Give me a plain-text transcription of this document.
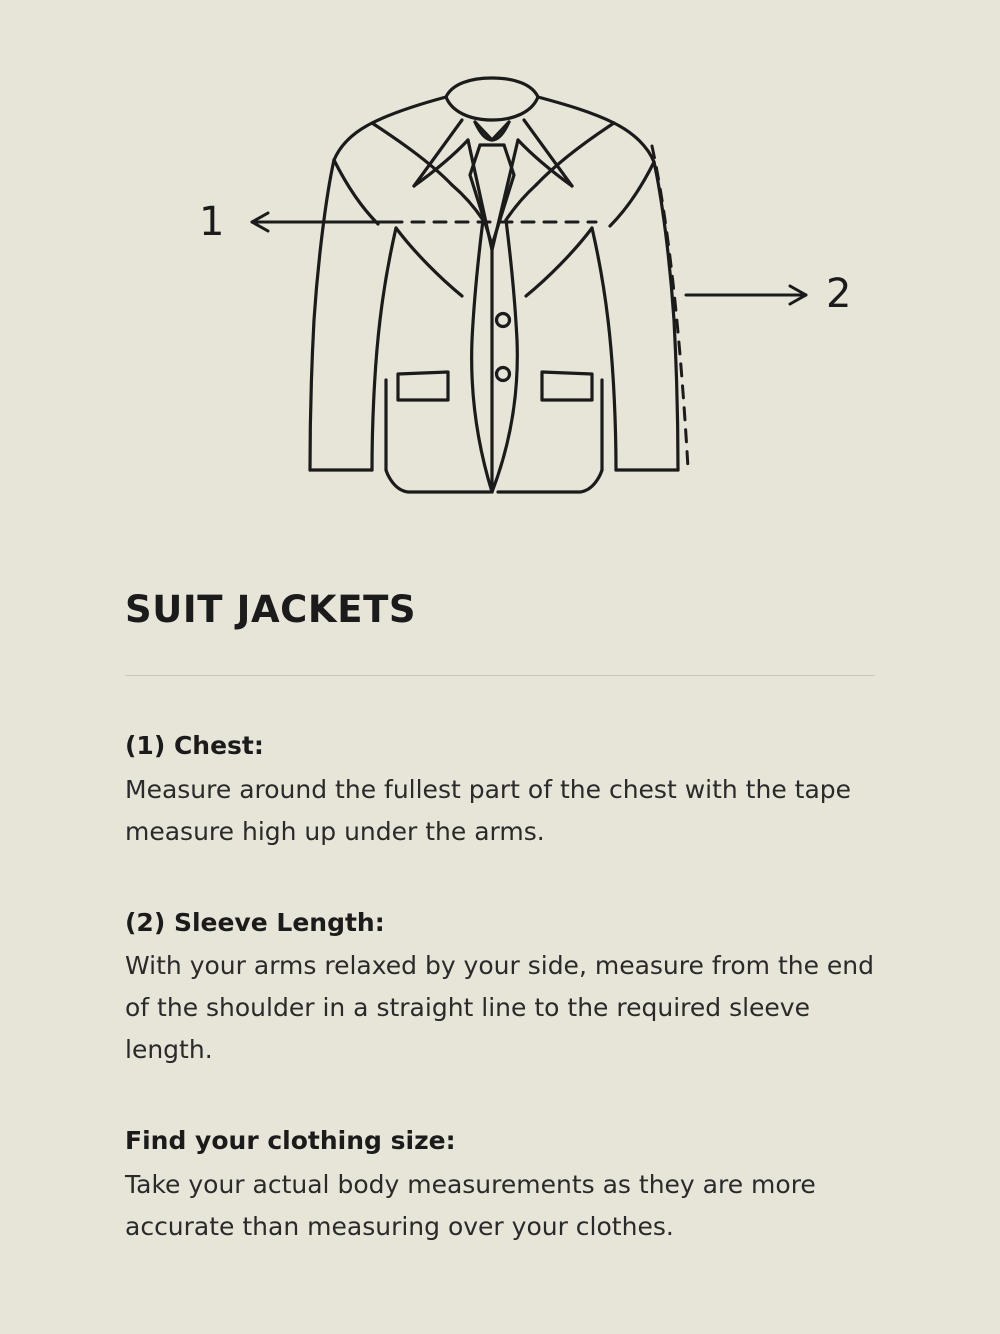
1
2
SUIT JACKETS
(1) Chest:

Measure around the fullest part of the chest with the tape measure high up under the arms.

(2) Sleeve Length:

With your arms relaxed by your side, measure from the end of the shoulder in a straight line to the required sleeve length.

Find your clothing size:

Take your actual body measurements as they are more accurate than measuring over your clothes.
